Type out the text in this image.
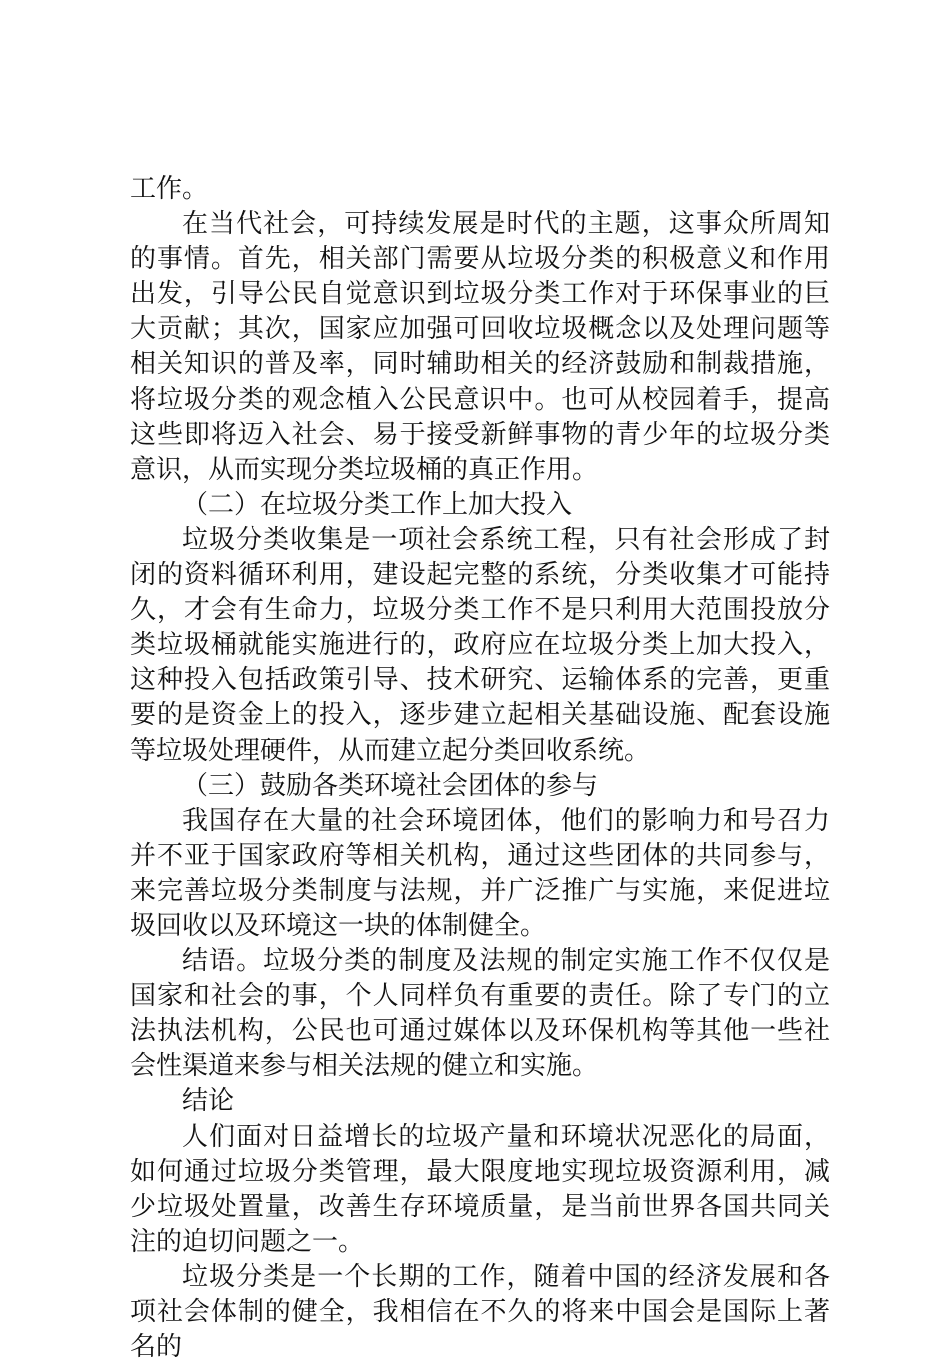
工作。

在当代社会，可持续发展是时代的主题，这事众所周知的事情。首先，相关部门需要从垃圾分类的积极意义和作用出发，引导公民自觉意识到垃圾分类工作对于环保事业的巨大贡献；其次，国家应加强可回收垃圾概念以及处理问题等相关知识的普及率，同时辅助相关的经济鼓励和制裁措施，将垃圾分类的观念植入公民意识中。也可从校园着手，提高这些即将迈入社会、易于接受新鲜事物的青少年的垃圾分类意识，从而实现分类垃圾桶的真正作用。

（二）在垃圾分类工作上加大投入

垃圾分类收集是一项社会系统工程，只有社会形成了封闭的资料循环利用，建设起完整的系统，分类收集才可能持久，才会有生命力，垃圾分类工作不是只利用大范围投放分类垃圾桶就能实施进行的，政府应在垃圾分类上加大投入，这种投入包括政策引导、技术研究、运输体系的完善，更重要的是资金上的投入，逐步建立起相关基础设施、配套设施等垃圾处理硬件，从而建立起分类回收系统。

（三）鼓励各类环境社会团体的参与

我国存在大量的社会环境团体，他们的影响力和号召力并不亚于国家政府等相关机构，通过这些团体的共同参与，来完善垃圾分类制度与法规，并广泛推广与实施，来促进垃圾回收以及环境这一块的体制健全。

结语。垃圾分类的制度及法规的制定实施工作不仅仅是国家和社会的事，个人同样负有重要的责任。除了专门的立法执法机构，公民也可通过媒体以及环保机构等其他一些社会性渠道来参与相关法规的健立和实施。

结论

人们面对日益增长的垃圾产量和环境状况恶化的局面，如何通过垃圾分类管理，最大限度地实现垃圾资源利用，减少垃圾处置量，改善生存环境质量，是当前世界各国共同关注的迫切问题之一。

垃圾分类是一个长期的工作，随着中国的经济发展和各项社会体制的健全，我相信在不久的将来中国会是国际上著名的
